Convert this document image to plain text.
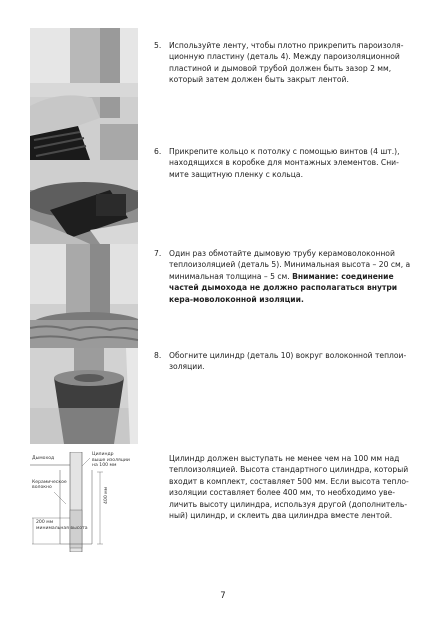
Дымоход
Цилиндр
выше изоляции на 100 мм
Керамическое волокно
200 мм
минимальная высота
400 мм
5. Используйте ленту, чтобы плотно прикрепить пароизоля-ционную пластину (деталь 4). Между пароизоляционной пластиной и дымовой трубой должен быть зазор 2 мм, который затем должен быть закрыт лентой.
6. Прикрепите кольцо к потолку с помощью винтов (4 шт.), находящихся в коробке для монтажных элементов. Сни-мите защитную пленку с кольца.
7. Один раз обмотайте дымовую трубу керамоволоконной теплоизоляцией (деталь 5). Минимальная высота – 20 см, а минимальная толщина – 5 см. Внимание: соединение частей дымохода не должно располагаться внутри кера-моволоконной изоляции.
8. Обогните цилиндр (деталь 10) вокруг волоконной теплои-золяции.
Цилиндр должен выступать не менее чем на 100 мм над теплоизоляцией. Высота стандартного цилиндра, который входит в комплект, составляет 500 мм. Если высота тепло-изоляции составляет более 400 мм, то необходимо уве-личить высоту цилиндра, используя другой (дополнитель-ный) цилиндр, и склеить два цилиндра вместе лентой.
7
